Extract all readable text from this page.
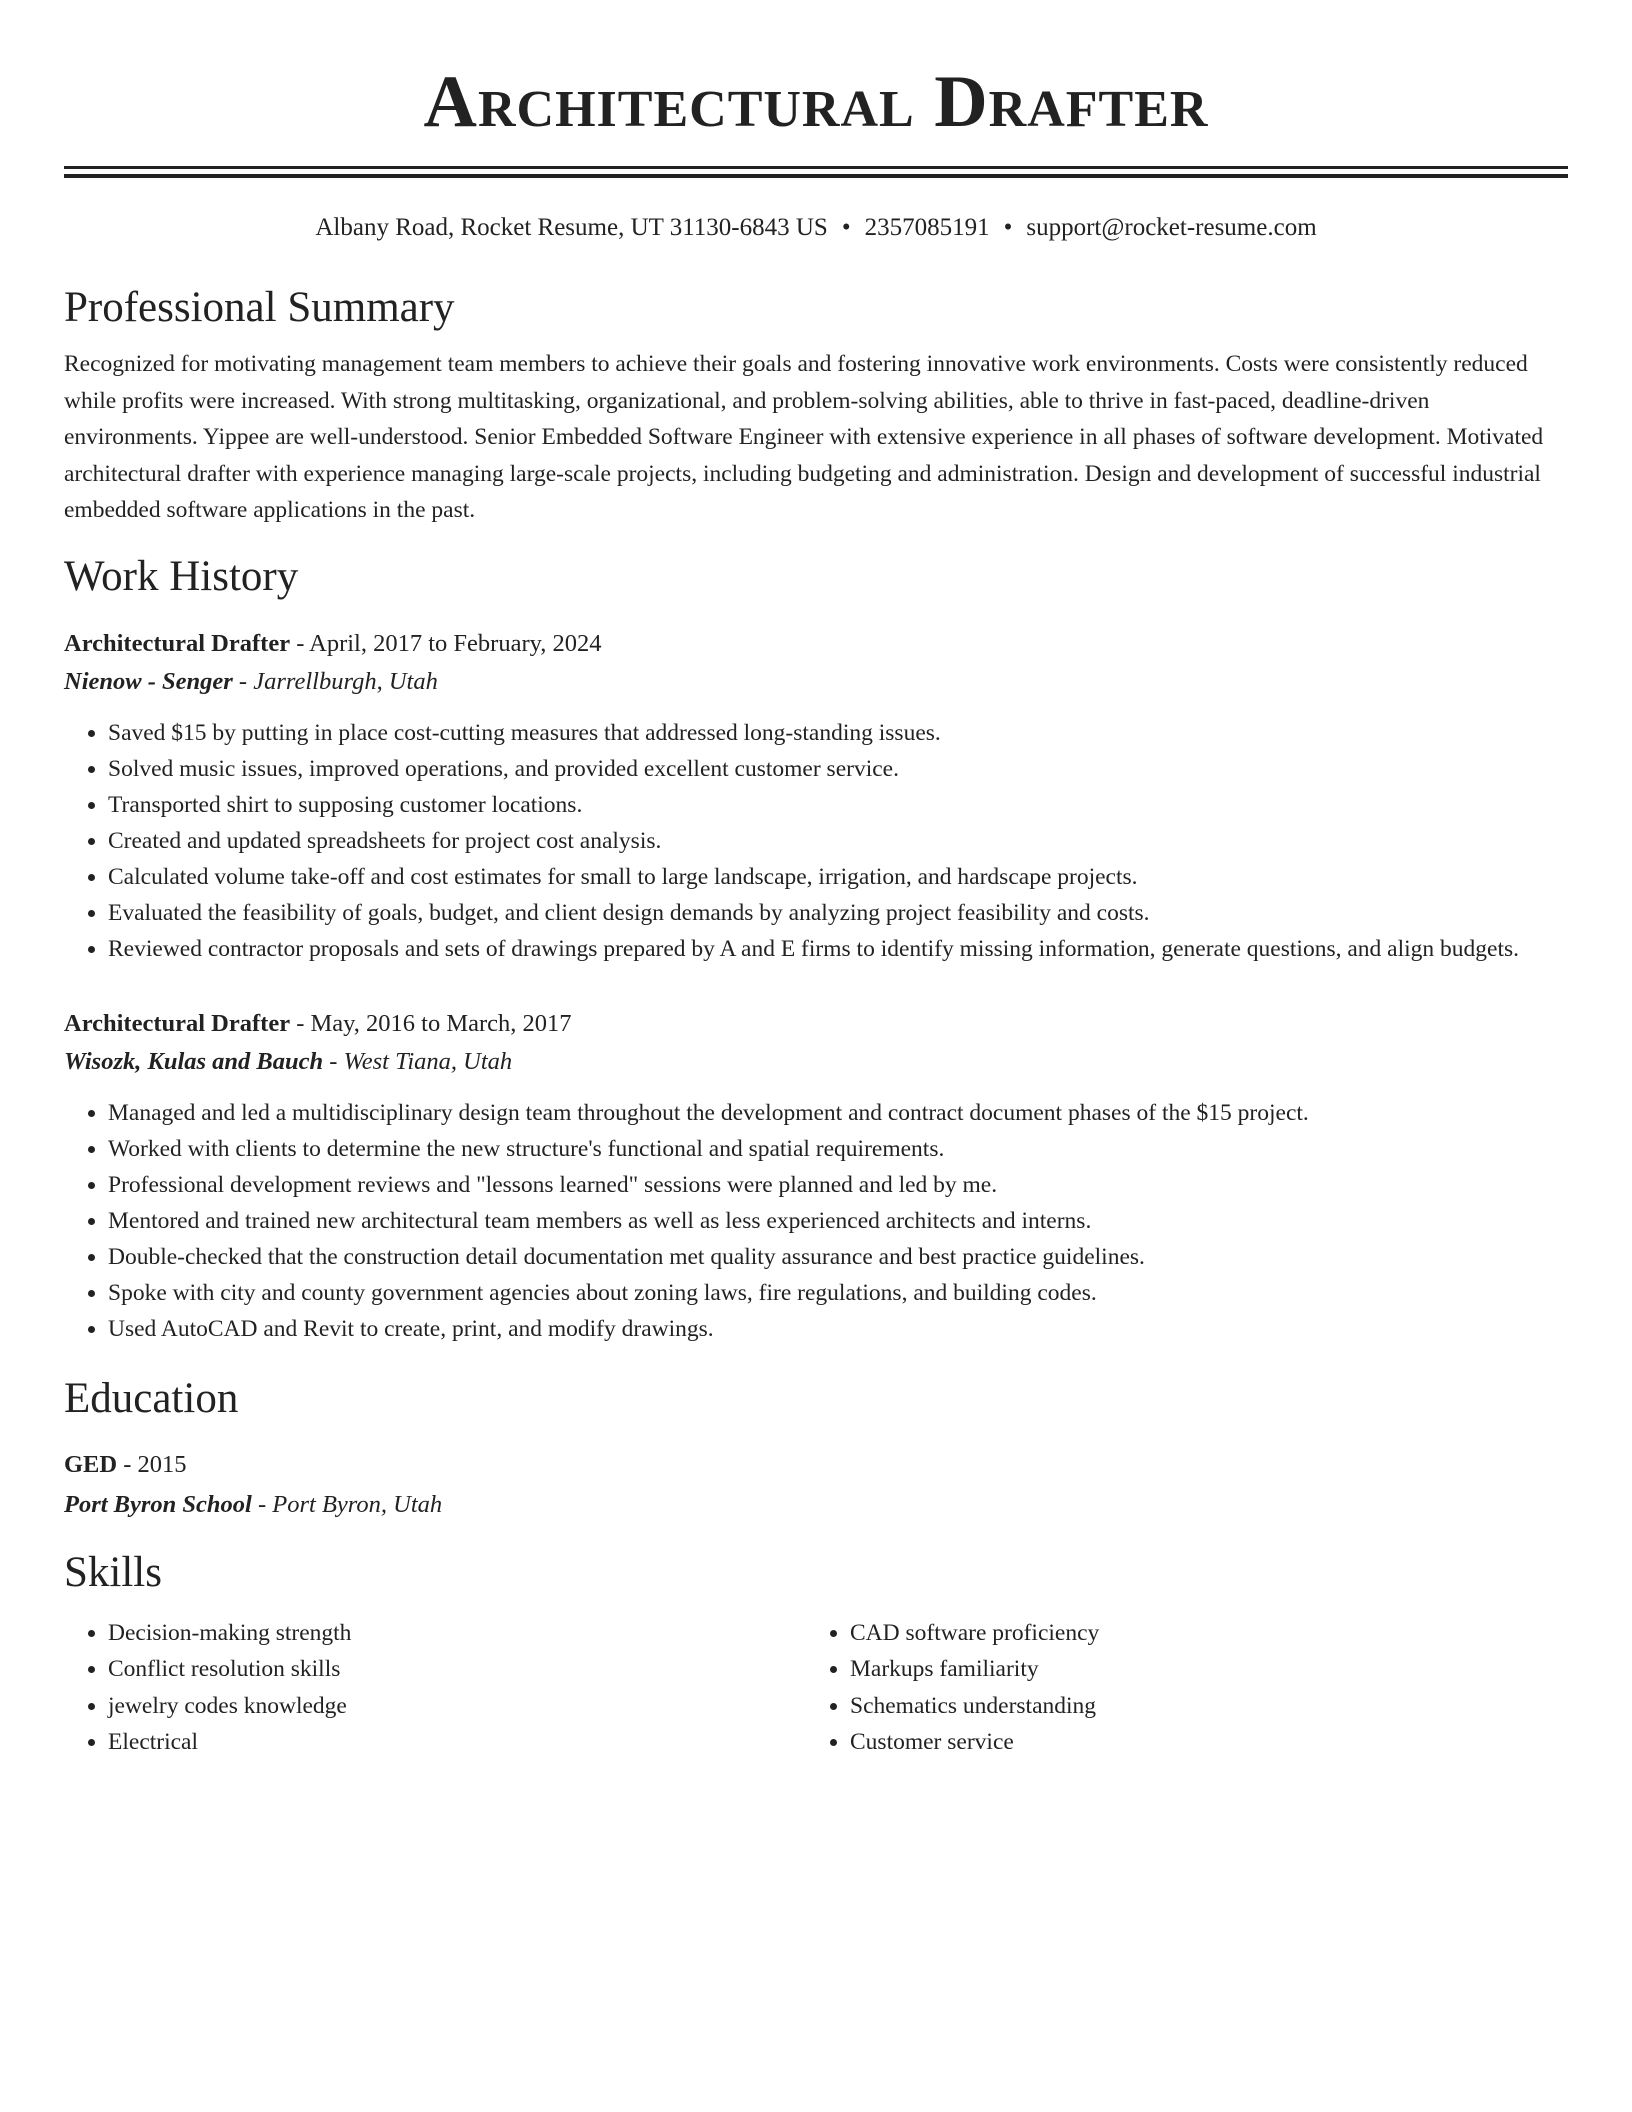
Architectural Drafter
Albany Road, Rocket Resume, UT 31130-6843 US • 2357085191 • support@rocket-resume.com
Professional Summary

Recognized for motivating management team members to achieve their goals and fostering innovative work environments. Costs were consistently reduced while profits were increased. With strong multitasking, organizational, and problem-solving abilities, able to thrive in fast-paced, deadline-driven environments. Yippee are well-understood. Senior Embedded Software Engineer with extensive experience in all phases of software development. Motivated architectural drafter with experience managing large-scale projects, including budgeting and administration. Design and development of successful industrial embedded software applications in the past.

Work History
Architectural Drafter - April, 2017 to February, 2024
Nienow - Senger - Jarrellburgh, Utah
• Saved $15 by putting in place cost-cutting measures that addressed long-standing issues.
• Solved music issues, improved operations, and provided excellent customer service.
• Transported shirt to supposing customer locations.
• Created and updated spreadsheets for project cost analysis.
• Calculated volume take-off and cost estimates for small to large landscape, irrigation, and hardscape projects.
• Evaluated the feasibility of goals, budget, and client design demands by analyzing project feasibility and costs.
• Reviewed contractor proposals and sets of drawings prepared by A and E firms to identify missing information, generate questions, and align budgets.
Architectural Drafter - May, 2016 to March, 2017
Wisozk, Kulas and Bauch - West Tiana, Utah
• Managed and led a multidisciplinary design team throughout the development and contract document phases of the $15 project.
• Worked with clients to determine the new structure's functional and spatial requirements.
• Professional development reviews and "lessons learned" sessions were planned and led by me.
• Mentored and trained new architectural team members as well as less experienced architects and interns.
• Double-checked that the construction detail documentation met quality assurance and best practice guidelines.
• Spoke with city and county government agencies about zoning laws, fire regulations, and building codes.
• Used AutoCAD and Revit to create, print, and modify drawings.
Education
GED - 2015
Port Byron School - Port Byron, Utah
Skills
• Decision-making strength
• Conflict resolution skills
• jewelry codes knowledge
• Electrical
• CAD software proficiency
• Markups familiarity
• Schematics understanding
• Customer service
